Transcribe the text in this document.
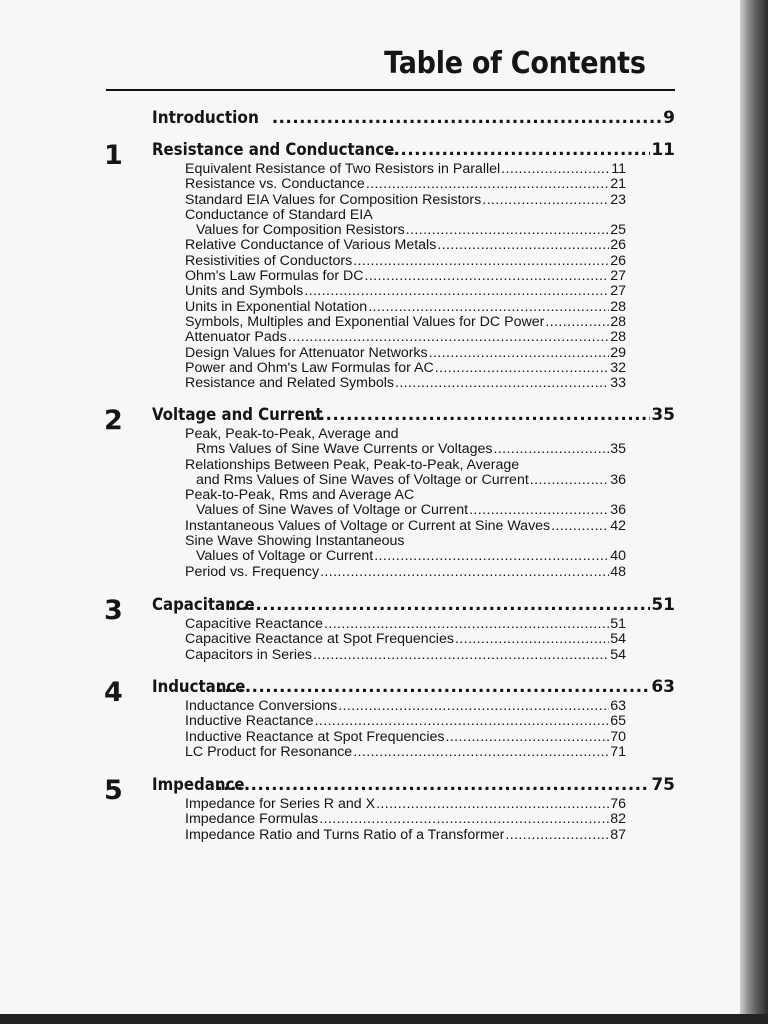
Table of Contents
Introduction .....	9
1 Resistance and Conductance .....	11
Equivalent Resistance of Two Resistors in Parallel .....	11
Resistance vs. Conductance .....	21
Standard EIA Values for Composition Resistors .....	23
Conductance of Standard EIA
Values for Composition Resistors .....	25
Relative Conductance of Various Metals .....	26
Resistivities of Conductors .....	26
Ohm's Law Formulas for DC .....	27
Units and Symbols .....	27
Units in Exponential Notation .....	28
Symbols, Multiples and Exponential Values for DC Power .....	28
Attenuator Pads .....	28
Design Values for Attenuator Networks .....	29
Power and Ohm's Law Formulas for AC .....	32
Resistance and Related Symbols .....	33
2 Voltage and Current .....	35
Peak, Peak-to-Peak, Average and
Rms Values of Sine Wave Currents or Voltages .....	35
Relationships Between Peak, Peak-to-Peak, Average
and Rms Values of Sine Waves of Voltage or Current .....	36
Peak-to-Peak, Rms and Average AC
Values of Sine Waves of Voltage or Current .....	36
Instantaneous Values of Voltage or Current at Sine Waves .....	42
Sine Wave Showing Instantaneous
Values of Voltage or Current .....	40
Period vs. Frequency .....	48
3 Capacitance .....	51
Capacitive Reactance .....	51
Capacitive Reactance at Spot Frequencies .....	54
Capacitors in Series .....	54
4 Inductance .....	63
Inductance Conversions .....	63
Inductive Reactance .....	65
Inductive Reactance at Spot Frequencies .....	70
LC Product for Resonance .....	71
5 Impedance .....	75
Impedance for Series R and X .....	76
Impedance Formulas .....	82
Impedance Ratio and Turns Ratio of a Transformer .....	87
